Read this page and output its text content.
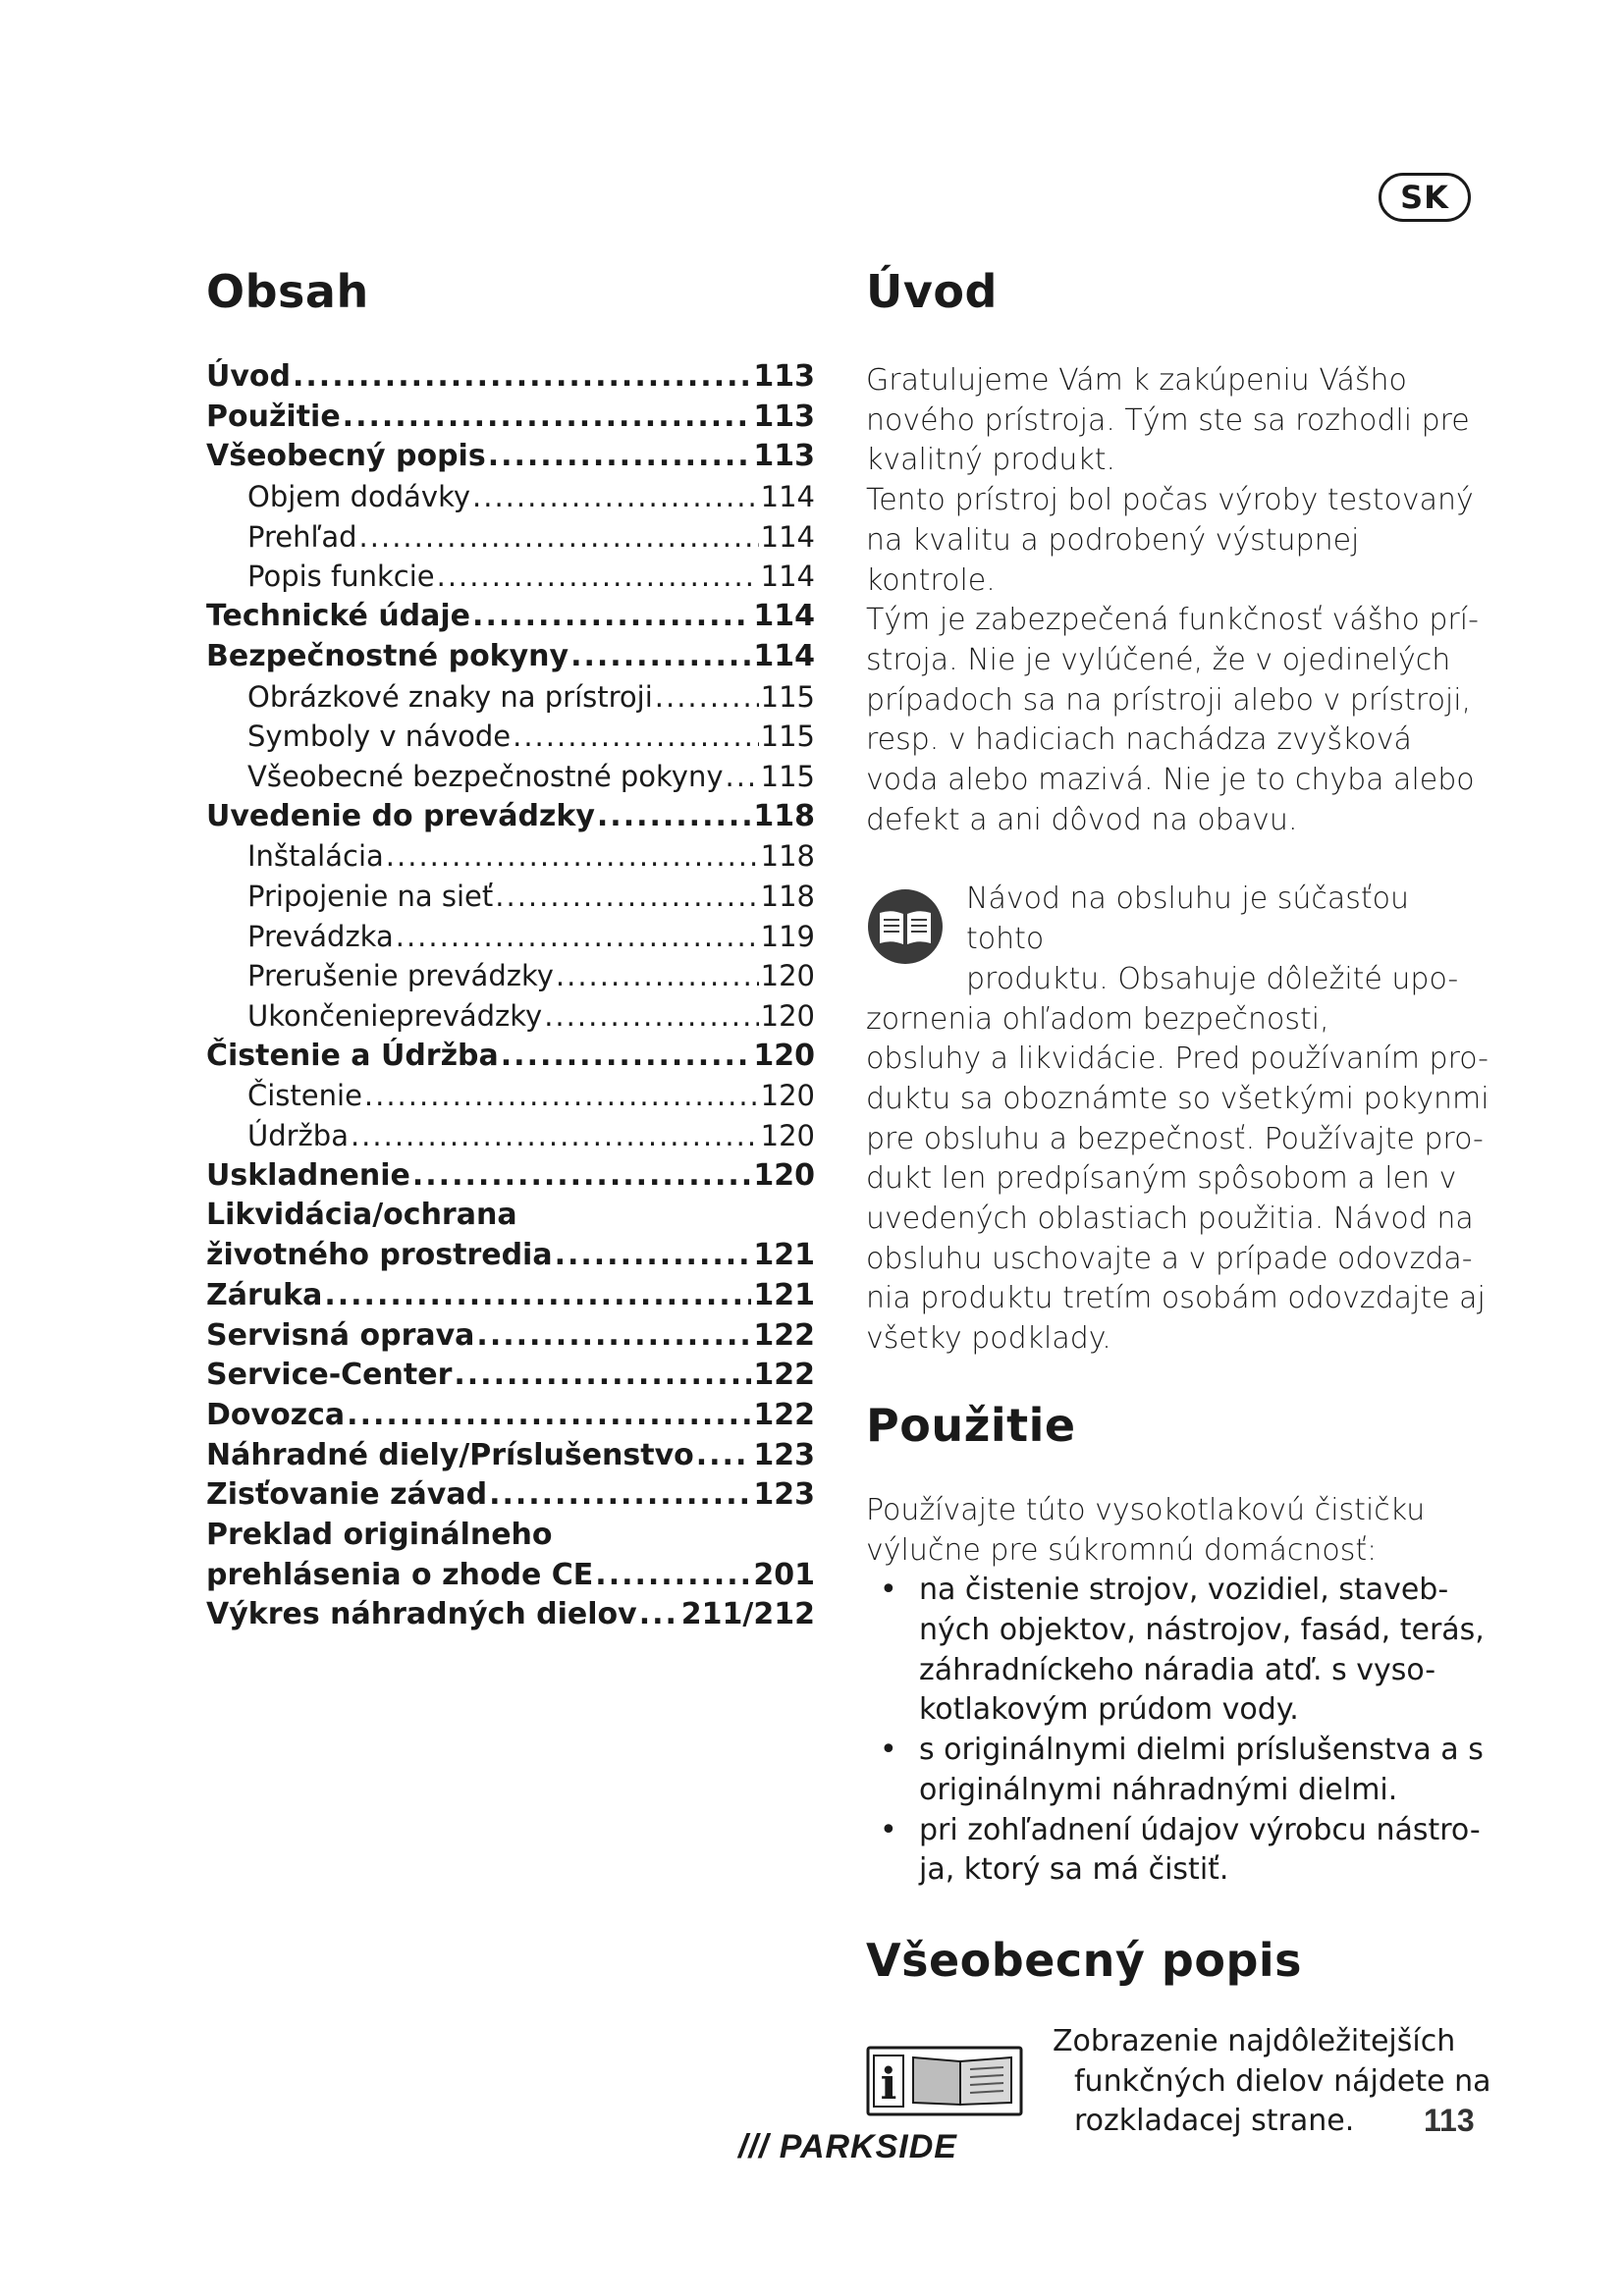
SK
Obsah
Úvod .....	113
Použitie .....	113
Všeobecný popis .....	113
Objem dodávky .....	114
Prehľad .....	114
Popis funkcie .....	114
Technické údaje .....	114
Bezpečnostné pokyny .....	114
Obrázkové znaky na prístroji .....	115
Symboly v návode .....	115
Všeobecné bezpečnostné pokyny ..... 115
Uvedenie do prevádzky .....	118
Inštalácia .....	118
Pripojenie na sieť .....	118
Prevádzka .....	119
Prerušenie prevádzky .....	120
Ukončenieprevádzky .....	120
Čistenie a Údržba .....	120
Čistenie .....	120
Údržba .....	120
Uskladnenie .....	120
Likvidácia/ochrana
životného prostredia .....	121
Záruka .....	121
Servisná oprava .....	122
Service-Center .....	122
Dovozca .....	122
Náhradné diely/Príslušenstvo ..... 123
Zisťovanie závad .....	123
Preklad originálneho
prehlásenia o zhode CE .....	201
Výkres náhradných dielov ..... 211/212
Úvod
Gratulujeme Vám k zakúpeniu Vášho
nového prístroja. Tým ste sa rozhodli pre
kvalitný produkt.
Tento prístroj bol počas výroby testovaný
na kvalitu a podrobený výstupnej kontrole.
Tým je zabezpečená funkčnosť vášho prí-
stroja. Nie je vylúčené, že v ojedinelých
prípadoch sa na prístroji alebo v prístroji,
resp. v hadiciach nachádza zvyšková
voda alebo mazivá. Nie je to chyba alebo
defekt a ani dôvod na obavu.
Návod na obsluhu je súčasťou tohto
produktu. Obsahuje dôležité upo-
zornenia ohľadom bezpečnosti,
obsluhy a likvidácie. Pred používaním pro-
duktu sa oboznámte so všetkými pokynmi
pre obsluhu a bezpečnosť. Používajte pro-
dukt len predpísaným spôsobom a len v
uvedených oblastiach použitia. Návod na
obsluhu uschovajte a v prípade odovzda-
nia produktu tretím osobám odovzdajte aj
všetky podklady.
Použitie
Používajte túto vysokotlakovú čističku
výlučne pre súkromnú domácnosť:
• na čistenie strojov, vozidiel, staveb-
ných objektov, nástrojov, fasád, terás,
záhradníckeho náradia atď. s vyso-
kotlakovým prúdom vody.
• s originálnymi dielmi príslušenstva a s
originálnymi náhradnými dielmi.
• pri zohľadnení údajov výrobcu nástro-
ja, ktorý sa má čistiť.
Všeobecný popis
i
Zobrazenie najdôležitejších
funkčných dielov nájdete na
rozkladacej strane.
/// PARKSIDE
113
